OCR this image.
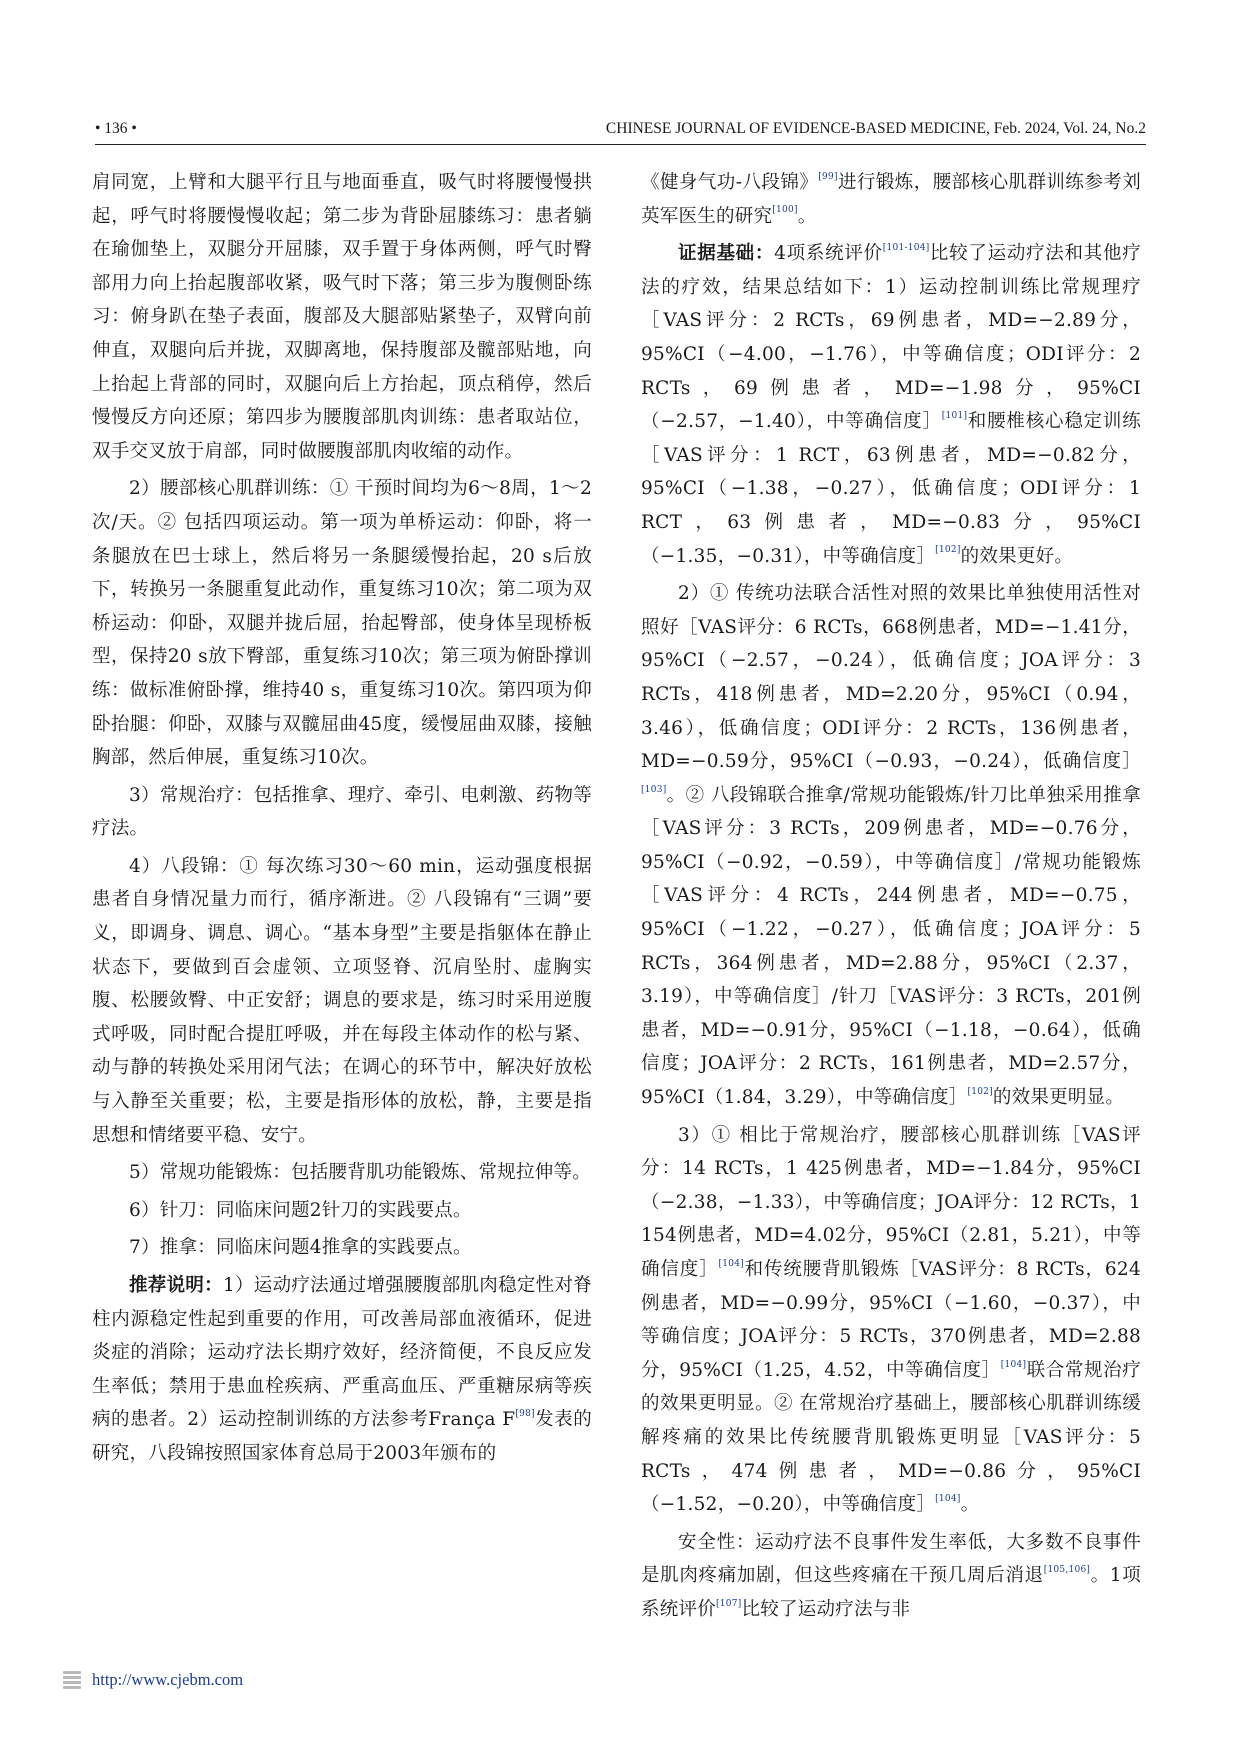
• 136 •	CHINESE JOURNAL OF EVIDENCE-BASED MEDICINE, Feb. 2024, Vol. 24, No.2

肩同宽，上臂和大腿平行且与地面垂直，吸气时将腰慢慢拱起，呼气时将腰慢慢收起；第二步为背卧屈膝练习：患者躺在瑜伽垫上，双腿分开屈膝，双手置于身体两侧，呼气时臀部用力向上抬起腹部收紧，吸气时下落；第三步为腹侧卧练习：俯身趴在垫子表面，腹部及大腿部贴紧垫子，双臂向前伸直，双腿向后并拢，双脚离地，保持腹部及髋部贴地，向上抬起上背部的同时，双腿向后上方抬起，顶点稍停，然后慢慢反方向还原；第四步为腰腹部肌肉训练：患者取站位，双手交叉放于肩部，同时做腰腹部肌肉收缩的动作。

2）腰部核心肌群训练：① 干预时间均为6～8周，1～2次/天。② 包括四项运动。第一项为单桥运动：仰卧，将一条腿放在巴士球上，然后将另一条腿缓慢抬起，20 s后放下，转换另一条腿重复此动作，重复练习10次；第二项为双桥运动：仰卧，双腿并拢后屈，抬起臀部，使身体呈现桥板型，保持20 s放下臀部，重复练习10次；第三项为俯卧撑训练：做标准俯卧撑，维持40 s，重复练习10次。第四项为仰卧抬腿：仰卧，双膝与双髋屈曲45度，缓慢屈曲双膝，接触胸部，然后伸展，重复练习10次。

3）常规治疗：包括推拿、理疗、牵引、电刺激、药物等疗法。

4）八段锦：① 每次练习30～60 min，运动强度根据患者自身情况量力而行，循序渐进。② 八段锦有“三调”要义，即调身、调息、调心。“基本身型”主要是指躯体在静止状态下，要做到百会虚领、立项竖脊、沉肩坠肘、虚胸实腹、松腰敛臀、中正安舒；调息的要求是，练习时采用逆腹式呼吸，同时配合提肛呼吸，并在每段主体动作的松与紧、动与静的转换处采用闭气法；在调心的环节中，解决好放松与入静至关重要；松，主要是指形体的放松，静，主要是指思想和情绪要平稳、安宁。

5）常规功能锻炼：包括腰背肌功能锻炼、常规拉伸等。

6）针刀：同临床问题2针刀的实践要点。

7）推拿：同临床问题4推拿的实践要点。

推荐说明：1）运动疗法通过增强腰腹部肌肉稳定性对脊柱内源稳定性起到重要的作用，可改善局部血液循环，促进炎症的消除；运动疗法长期疗效好，经济简便，不良反应发生率低；禁用于患血栓疾病、严重高血压、严重糖尿病等疾病的患者。2）运动控制训练的方法参考França F[98]发表的研究，八段锦按照国家体育总局于2003年颁布的

《健身气功-八段锦》[99]进行锻炼，腰部核心肌群训练参考刘英军医生的研究[100]。

证据基础：4项系统评价[101-104]比较了运动疗法和其他疗法的疗效，结果总结如下：1）运动控制训练比常规理疗［VAS评分：2 RCTs，69例患者，MD=−2.89分，95%CI（−4.00，−1.76），中等确信度；ODI评分：2 RCTs，69例患者，MD=−1.98分，95%CI（−2.57，−1.40），中等确信度］[101]和腰椎核心稳定训练［VAS评分：1 RCT，63例患者，MD=−0.82分，95%CI（−1.38，−0.27），低确信度；ODI评分：1 RCT，63例患者，MD=−0.83分，95%CI（−1.35，−0.31），中等确信度］[102]的效果更好。

2）① 传统功法联合活性对照的效果比单独使用活性对照好［VAS评分：6 RCTs，668例患者，MD=−1.41分，95%CI（−2.57，−0.24），低确信度；JOA评分：3 RCTs，418例患者，MD=2.20分，95%CI（0.94，3.46），低确信度；ODI评分：2 RCTs，136例患者，MD=−0.59分，95%CI（−0.93，−0.24），低确信度］[103]。② 八段锦联合推拿/常规功能锻炼/针刀比单独采用推拿［VAS评分：3 RCTs，209例患者，MD=−0.76分，95%CI（−0.92，−0.59），中等确信度］/常规功能锻炼［VAS评分：4 RCTs，244例患者，MD=−0.75，95%CI（−1.22，−0.27），低确信度；JOA评分：5 RCTs，364例患者，MD=2.88分，95%CI（2.37，3.19），中等确信度］/针刀［VAS评分：3 RCTs，201例患者，MD=−0.91分，95%CI（−1.18，−0.64），低确信度；JOA评分：2 RCTs，161例患者，MD=2.57分，95%CI（1.84，3.29），中等确信度］[102]的效果更明显。

3）① 相比于常规治疗，腰部核心肌群训练［VAS评分：14 RCTs，1 425例患者，MD=−1.84分，95%CI（−2.38，−1.33），中等确信度；JOA评分：12 RCTs，1 154例患者，MD=4.02分，95%CI（2.81，5.21），中等确信度］[104]和传统腰背肌锻炼［VAS评分：8 RCTs，624例患者，MD=−0.99分，95%CI（−1.60，−0.37），中等确信度；JOA评分：5 RCTs，370例患者，MD=2.88分，95%CI（1.25，4.52，中等确信度］[104]联合常规治疗的效果更明显。② 在常规治疗基础上，腰部核心肌群训练缓解疼痛的效果比传统腰背肌锻炼更明显［VAS评分：5 RCTs，474例患者，MD=−0.86分，95%CI（−1.52，−0.20），中等确信度］[104]。

安全性：运动疗法不良事件发生率低，大多数不良事件是肌肉疼痛加剧，但这些疼痛在干预几周后消退[105,106]。1项系统评价[107]比较了运动疗法与非

http://www.cjebm.com
